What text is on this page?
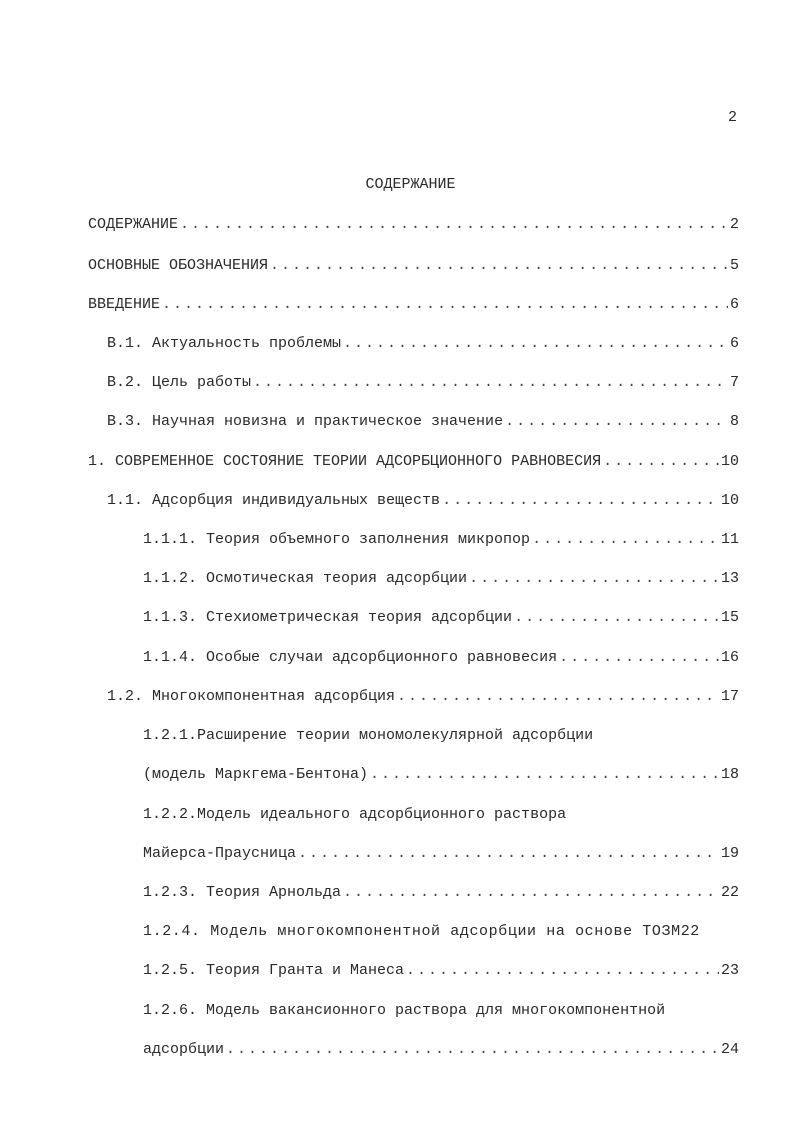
2
СОДЕРЖАНИЕ
СОДЕРЖАНИЕ .....	2
ОСНОВНЫЕ ОБОЗНАЧЕНИЯ .....	5
ВВЕДЕНИЕ .....	6
В.1. Актуальность проблемы .....	6
В.2. Цель работы .....	7
В.3. Научная новизна и практическое значение .....	8
1. СОВРЕМЕННОЕ СОСТОЯНИЕ ТЕОРИИ АДСОРБЦИОННОГО РАВНОВЕСИЯ .....	10
1.1. Адсорбция индивидуальных веществ .....	10
1.1.1. Теория объемного заполнения микропор .....	11
1.1.2. Осмотическая теория адсорбции .....	13
1.1.3. Стехиометрическая теория адсорбции .....	15
1.1.4. Особые случаи адсорбционного равновесия .....	16
1.2. Многокомпонентная адсорбция .....	17
1.2.1.Расширение теории мономолекулярной адсорбции
(модель Маркгема-Бентона) .....	18
1.2.2.Модель идеального адсорбционного раствора
Майерса-Праусница .....	19
1.2.3. Теория Арнольда .....	22
1.2.4. Модель многокомпонентной адсорбции на основе ТОЗМ 22
1.2.5. Теория Гранта и Манеса .....	23
1.2.6. Модель вакансионного раствора для многокомпонентной
адсорбции .....	24
